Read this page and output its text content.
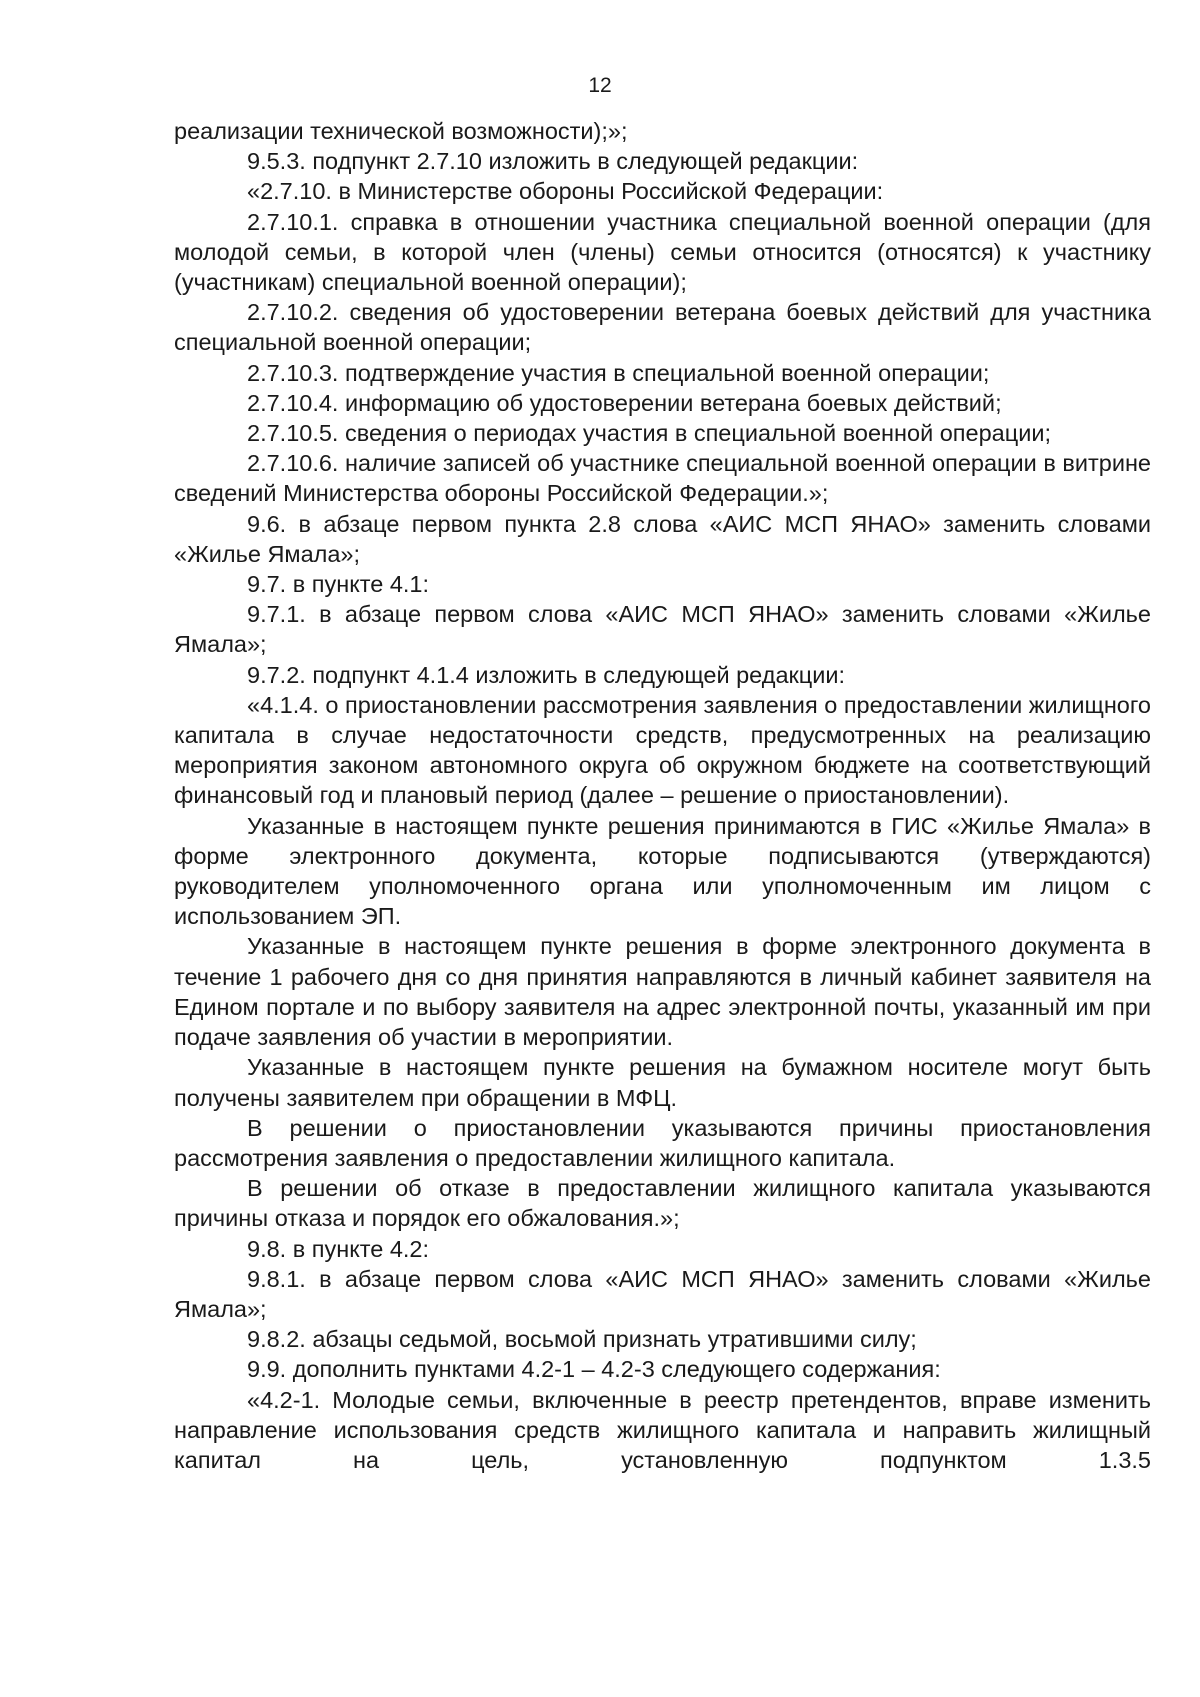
12

реализации технической возможности);»;

9.5.3. подпункт 2.7.10 изложить в следующей редакции:

«2.7.10. в Министерстве обороны Российской Федерации:

2.7.10.1. справка в отношении участника специальной военной операции (для молодой семьи, в которой член (члены) семьи относится (относятся) к участнику (участникам) специальной военной операции);

2.7.10.2. сведения об удостоверении ветерана боевых действий для участника специальной военной операции;

2.7.10.3. подтверждение участия в специальной военной операции;

2.7.10.4. информацию об удостоверении ветерана боевых действий;

2.7.10.5. сведения о периодах участия в специальной военной операции;

2.7.10.6. наличие записей об участнике специальной военной операции в витрине сведений Министерства обороны Российской Федерации.»;

9.6. в абзаце первом пункта 2.8 слова «АИС МСП ЯНАО» заменить словами «Жилье Ямала»;

9.7. в пункте 4.1:

9.7.1. в абзаце первом слова «АИС МСП ЯНАО» заменить словами «Жилье Ямала»;

9.7.2. подпункт 4.1.4 изложить в следующей редакции:

«4.1.4. о приостановлении рассмотрения заявления о предоставлении жилищного капитала в случае недостаточности средств, предусмотренных на реализацию мероприятия законом автономного округа об окружном бюджете на соответствующий финансовый год и плановый период (далее – решение о приостановлении).

Указанные в настоящем пункте решения принимаются в ГИС «Жилье Ямала» в форме электронного документа, которые подписываются (утверждаются) руководителем уполномоченного органа или уполномоченным им лицом с использованием ЭП.

Указанные в настоящем пункте решения в форме электронного документа в течение 1 рабочего дня со дня принятия направляются в личный кабинет заявителя на Едином портале и по выбору заявителя на адрес электронной почты, указанный им при подаче заявления об участии в мероприятии.

Указанные в настоящем пункте решения на бумажном носителе могут быть получены заявителем при обращении в МФЦ.

В решении о приостановлении указываются причины приостановления рассмотрения заявления о предоставлении жилищного капитала.

В решении об отказе в предоставлении жилищного капитала указываются причины отказа и порядок его обжалования.»;

9.8. в пункте 4.2:

9.8.1. в абзаце первом слова «АИС МСП ЯНАО» заменить словами «Жилье Ямала»;

9.8.2. абзацы седьмой, восьмой признать утратившими силу;

9.9. дополнить пунктами 4.2-1 – 4.2-3 следующего содержания:

«4.2-1. Молодые семьи, включенные в реестр претендентов, вправе изменить направление использования средств жилищного капитала и направить жилищный капитал на цель, установленную подпунктом 1.3.5
